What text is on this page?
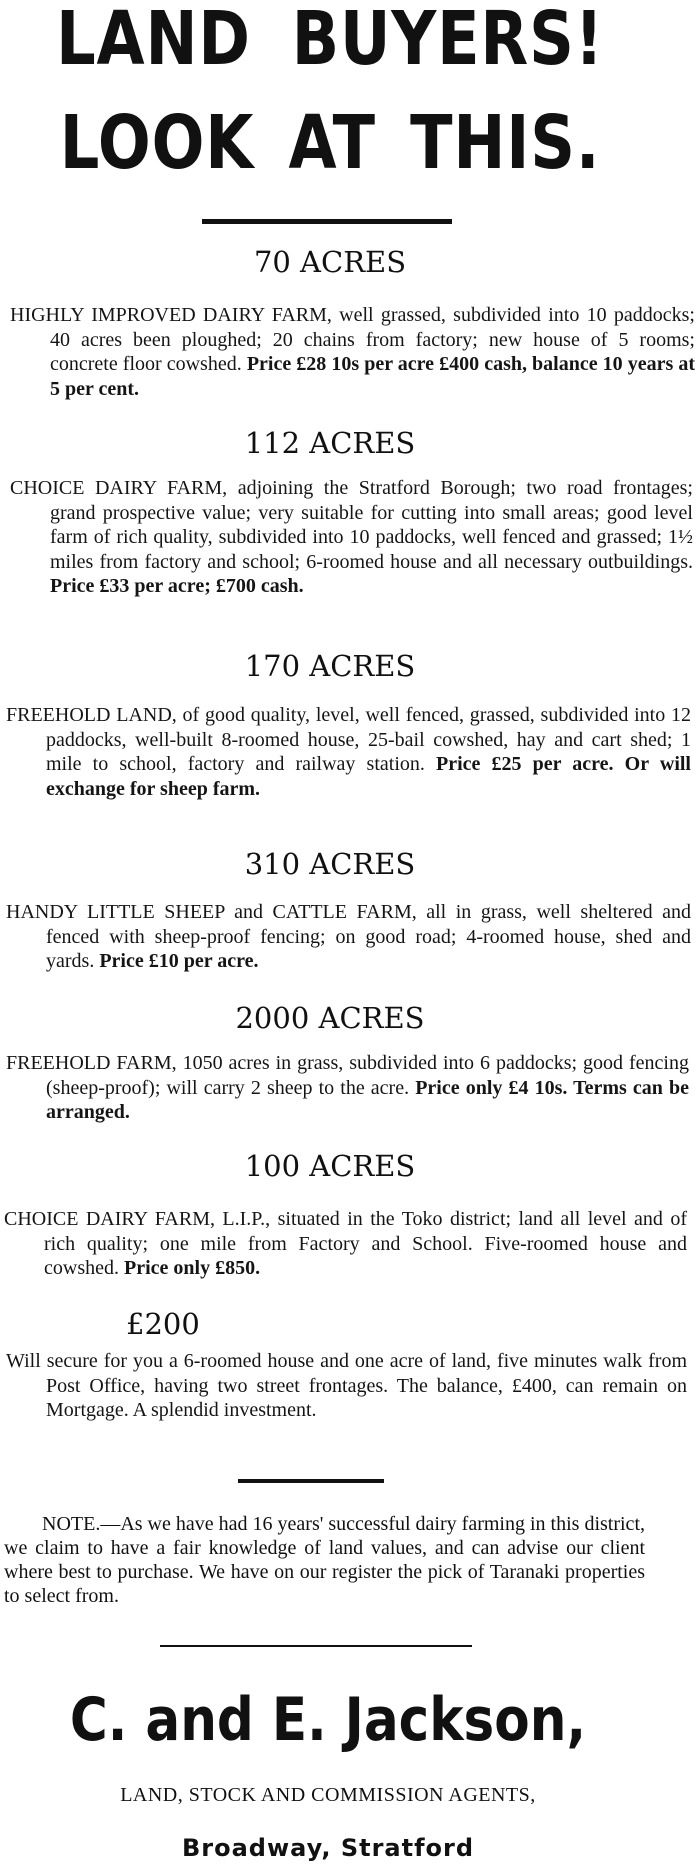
LAND BUYERS!
LOOK AT THIS.
70 ACRES

HIGHLY IMPROVED DAIRY FARM, well grassed, subdivided into 10 paddocks; 40 acres been ploughed; 20 chains from factory; new house of 5 rooms; concrete floor cowshed. Price £28 10s per acre £400 cash, balance 10 years at 5 per cent.

112 ACRES

CHOICE DAIRY FARM, adjoining the Stratford Borough; two road frontages; grand prospective value; very suitable for cutting into small areas; good level farm of rich quality, subdivided into 10 paddocks, well fenced and grassed; 1½ miles from factory and school; 6-roomed house and all necessary outbuildings. Price £33 per acre; £700 cash.

170 ACRES

FREEHOLD LAND, of good quality, level, well fenced, grassed, subdivided into 12 paddocks, well-built 8-roomed house, 25-bail cowshed, hay and cart shed; 1 mile to school, factory and railway station. Price £25 per acre. Or will exchange for sheep farm.

310 ACRES

HANDY LITTLE SHEEP and CATTLE FARM, all in grass, well sheltered and fenced with sheep-proof fencing; on good road; 4-roomed house, shed and yards. Price £10 per acre.

2000 ACRES

FREEHOLD FARM, 1050 acres in grass, subdivided into 6 paddocks; good fencing (sheep-proof); will carry 2 sheep to the acre. Price only £4 10s. Terms can be arranged.

100 ACRES

CHOICE DAIRY FARM, L.I.P., situated in the Toko district; land all level and of rich quality; one mile from Factory and School. Five-roomed house and cowshed. Price only £850.

£200

Will secure for you a 6-roomed house and one acre of land, five minutes walk from Post Office, having two street frontages. The balance, £400, can remain on Mortgage. A splendid investment.

NOTE.—As we have had 16 years' successful dairy farming in this district, we claim to have a fair knowledge of land values, and can advise our client where best to purchase. We have on our register the pick of Taranaki properties to select from.

C. and E. Jackson,
LAND, STOCK AND COMMISSION AGENTS,
Broadway, Stratford
